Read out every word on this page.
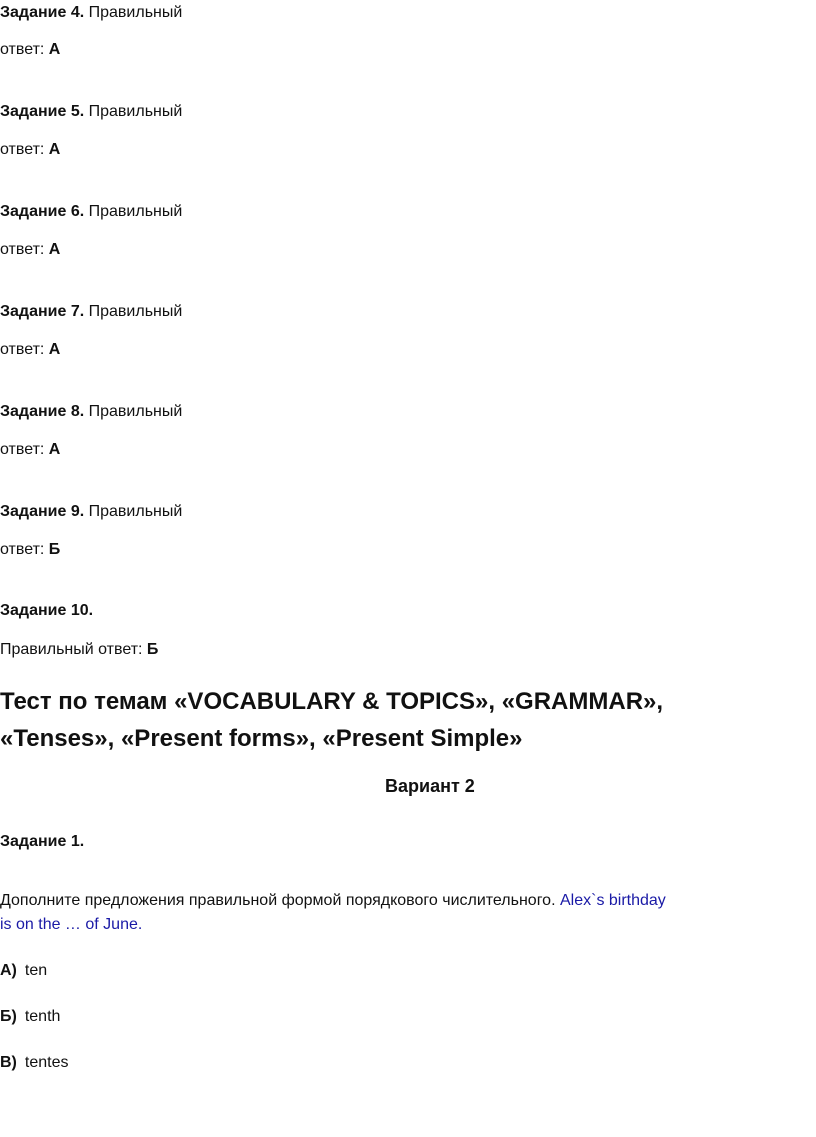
Задание 4. Правильный
ответ: А
Задание 5. Правильный
ответ: А
Задание 6. Правильный
ответ: А
Задание 7. Правильный
ответ: А
Задание 8. Правильный
ответ: А
Задание 9. Правильный
ответ: Б
Задание 10.
Правильный ответ: Б
Тест по темам «VOCABULARY & TOPICS», «GRAMMAR»,
«Tenses», «Present forms», «Present Simple»
Вариант 2
Задание 1.
Дополните предложения правильной формой порядкового числительного. Alex`s birthday
is on the … of June.
А) ten
Б) tenth
В) tentes
